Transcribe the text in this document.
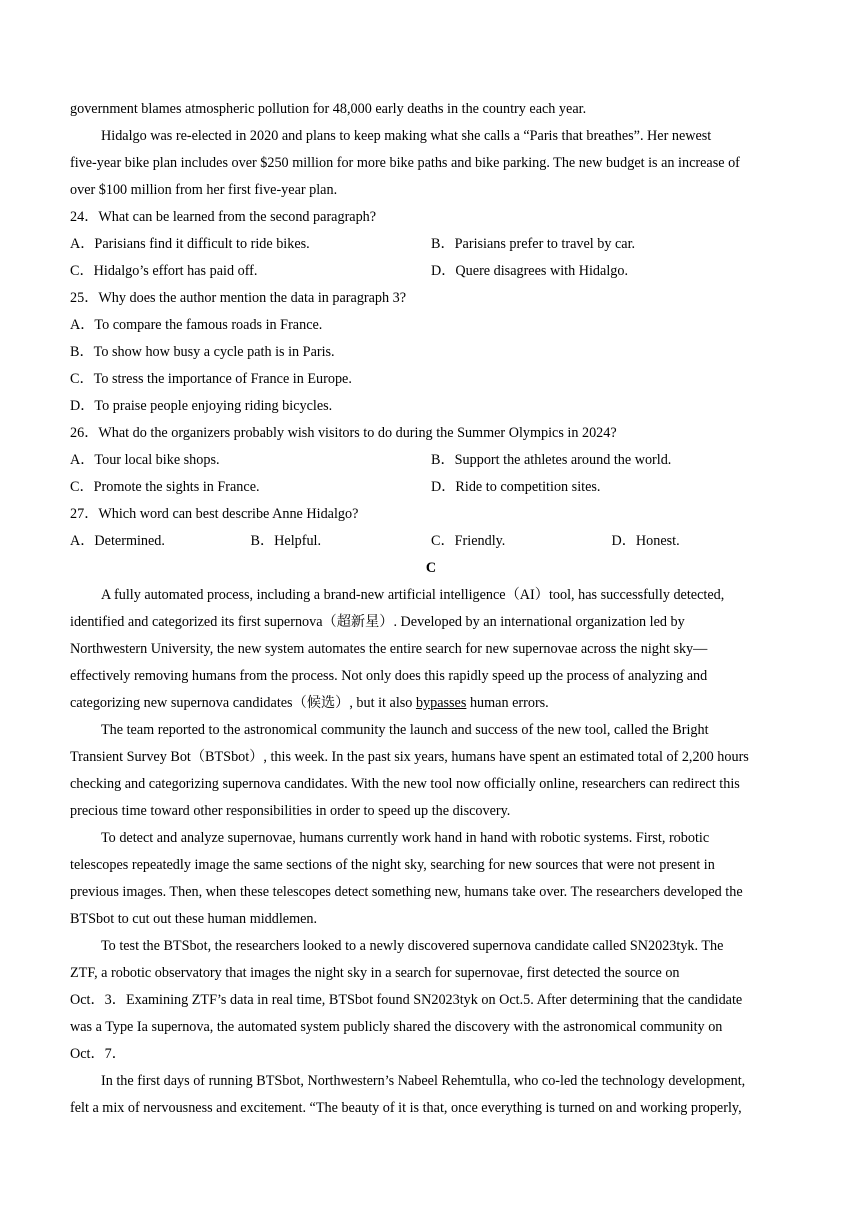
government blames atmospheric pollution for 48,000 early deaths in the country each year.
Hidalgo was re-elected in 2020 and plans to keep making what she calls a “Paris that breathes”. Her newest
five-year bike plan includes over $250 million for more bike paths and bike parking. The new budget is an increase of
over $100 million from her first five-year plan.
24．What can be learned from the second paragraph?
A．Parisians find it difficult to ride bikes.	B．Parisians prefer to travel by car.
C．Hidalgo’s effort has paid off.	D．Quere disagrees with Hidalgo.
25．Why does the author mention the data in paragraph 3?
A．To compare the famous roads in France.
B．To show how busy a cycle path is in Paris.
C．To stress the importance of France in Europe.
D．To praise people enjoying riding bicycles.
26．What do the organizers probably wish visitors to do during the Summer Olympics in 2024?
A．Tour local bike shops.	B．Support the athletes around the world.
C．Promote the sights in France.	D．Ride to competition sites.
27．Which word can best describe Anne Hidalgo?
A．Determined.	B．Helpful.	C．Friendly.	D．Honest.
C
A fully automated process, including a brand-new artificial intelligence（AI）tool, has successfully detected,
identified and categorized its first supernova（超新星）. Developed by an international organization led by
Northwestern University, the new system automates the entire search for new supernovae across the night sky—
effectively removing humans from the process. Not only does this rapidly speed up the process of analyzing and
categorizing new supernova candidates（候选）, but it also bypasses human errors.
The team reported to the astronomical community the launch and success of the new tool, called the Bright
Transient Survey Bot（BTSbot）, this week. In the past six years, humans have spent an estimated total of 2,200 hours
checking and categorizing supernova candidates. With the new tool now officially online, researchers can redirect this
precious time toward other responsibilities in order to speed up the discovery.
To detect and analyze supernovae, humans currently work hand in hand with robotic systems. First, robotic
telescopes repeatedly image the same sections of the night sky, searching for new sources that were not present in
previous images. Then, when these telescopes detect something new, humans take over. The researchers developed the
BTSbot to cut out these human middlemen.
To test the BTSbot, the researchers looked to a newly discovered supernova candidate called SN2023tyk. The
ZTF, a robotic observatory that images the night sky in a search for supernovae, first detected the source on
Oct．3．Examining ZTF’s data in real time, BTSbot found SN2023tyk on Oct.5. After determining that the candidate
was a Type Ia supernova, the automated system publicly shared the discovery with the astronomical community on
Oct．7．
In the first days of running BTSbot, Northwestern’s Nabeel Rehemtulla, who co-led the technology development,
felt a mix of nervousness and excitement. “The beauty of it is that, once everything is turned on and working properly,
